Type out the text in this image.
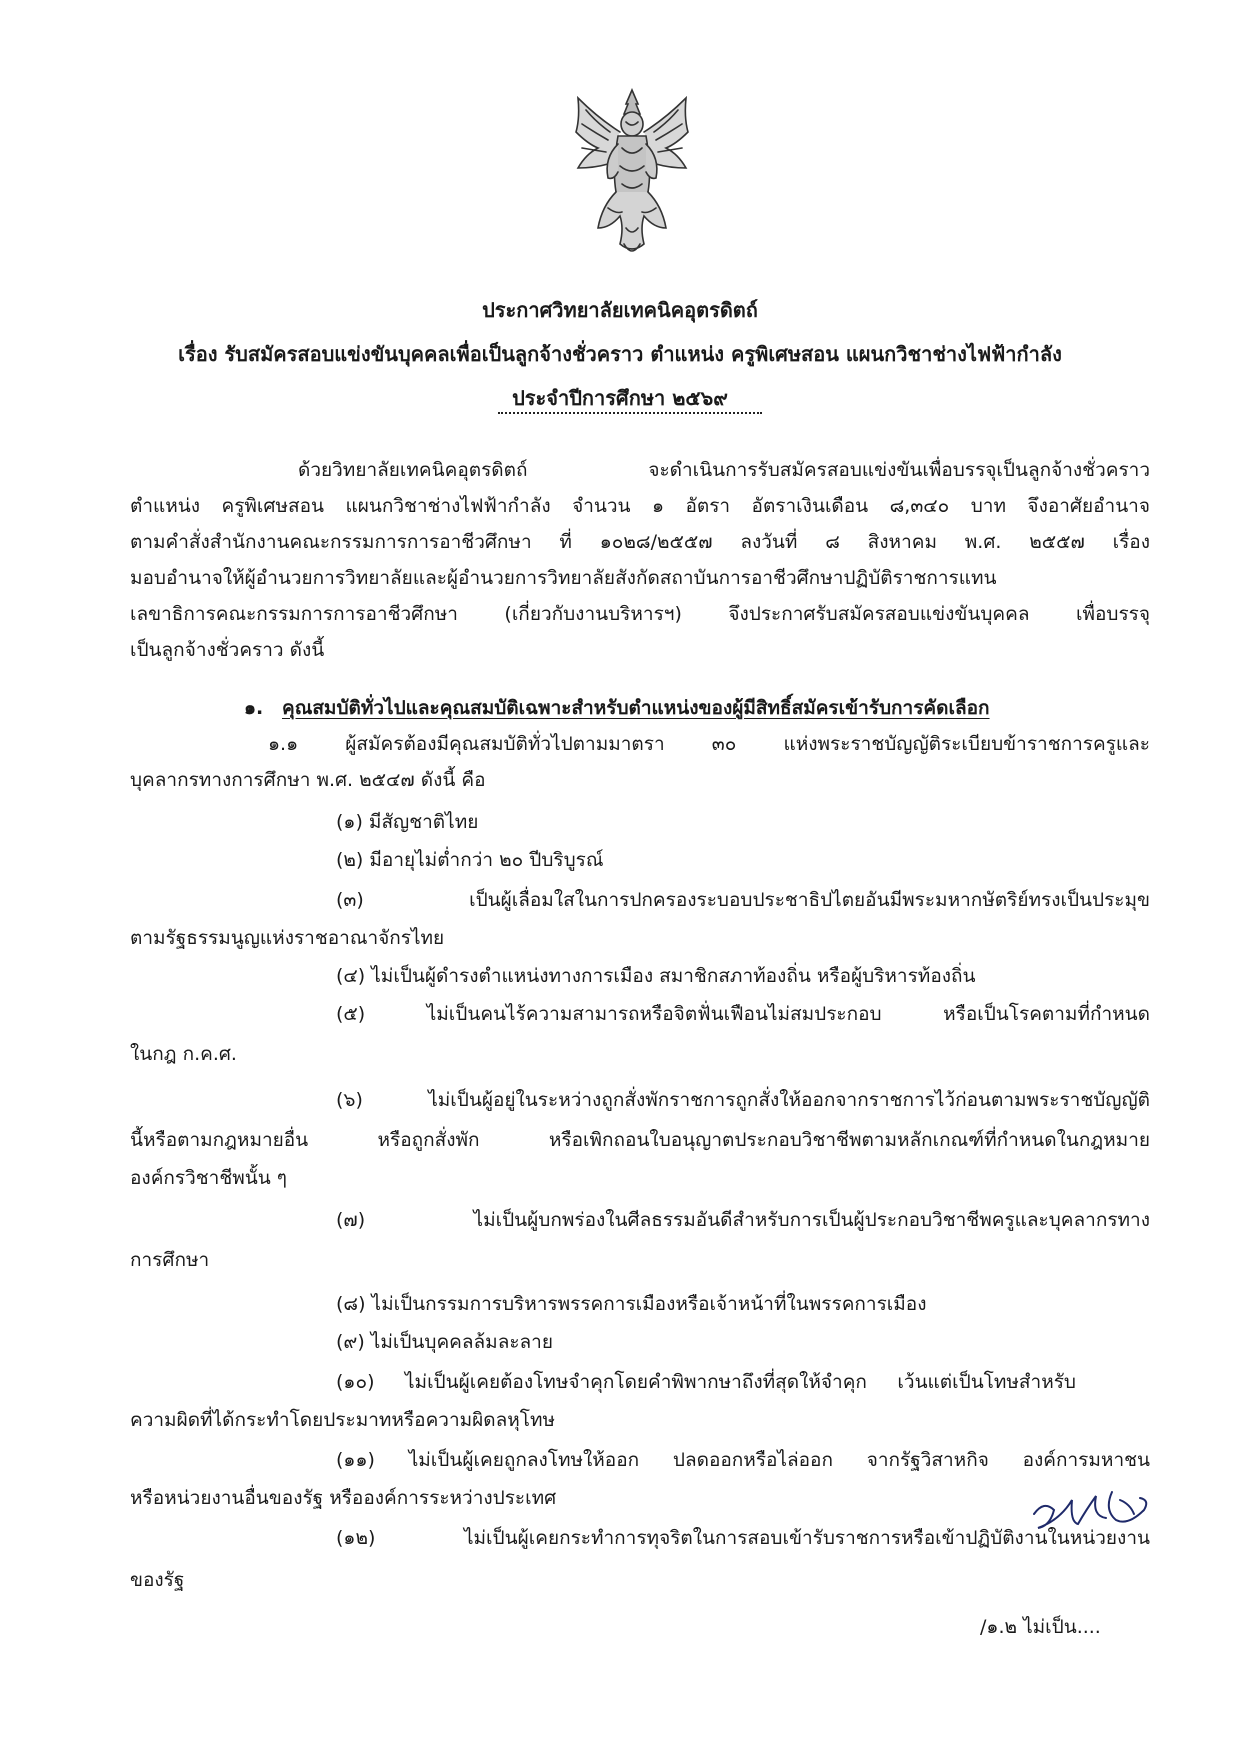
ประกาศวิทยาลัยเทคนิคอุตรดิตถ์
เรื่อง รับสมัครสอบแข่งขันบุคคลเพื่อเป็นลูกจ้างชั่วคราว ตำแหน่ง ครูพิเศษสอน แผนกวิชาช่างไฟฟ้ากำลัง
ประจำปีการศึกษา ๒๕๖๙
ด้วยวิทยาลัยเทคนิคอุตรดิตถ์ จะดำเนินการรับสมัครสอบแข่งขันเพื่อบรรจุเป็นลูกจ้างชั่วคราว
ตำแหน่ง ครูพิเศษสอน แผนกวิชาช่างไฟฟ้ากำลัง จำนวน ๑ อัตรา อัตราเงินเดือน ๘,๓๔๐ บาท จึงอาศัยอำนาจ
ตามคำสั่งสำนักงานคณะกรรมการการอาชีวศึกษา ที่ ๑๐๒๘/๒๕๕๗ ลงวันที่ ๘ สิงหาคม พ.ศ. ๒๕๕๗ เรื่อง
มอบอำนาจให้ผู้อำนวยการวิทยาลัยและผู้อำนวยการวิทยาลัยสังกัดสถาบันการอาชีวศึกษาปฏิบัติราชการแทน
เลขาธิการคณะกรรมการการอาชีวศึกษา (เกี่ยวกับงานบริหารฯ) จึงประกาศรับสมัครสอบแข่งขันบุคคล เพื่อบรรจุ
เป็นลูกจ้างชั่วคราว ดังนี้
๑. คุณสมบัติทั่วไปและคุณสมบัติเฉพาะสำหรับตำแหน่งของผู้มีสิทธิ์สมัครเข้ารับการคัดเลือก
๑.๑ ผู้สมัครต้องมีคุณสมบัติทั่วไปตามมาตรา ๓๐ แห่งพระราชบัญญัติระเบียบข้าราชการครูและ
บุคลากรทางการศึกษา พ.ศ. ๒๕๔๗ ดังนี้ คือ
(๑) มีสัญชาติไทย
(๒) มีอายุไม่ต่ำกว่า ๒๐ ปีบริบูรณ์
(๓) เป็นผู้เลื่อมใสในการปกครองระบอบประชาธิปไตยอันมีพระมหากษัตริย์ทรงเป็นประมุข
ตามรัฐธรรมนูญแห่งราชอาณาจักรไทย
(๔) ไม่เป็นผู้ดำรงตำแหน่งทางการเมือง สมาชิกสภาท้องถิ่น หรือผู้บริหารท้องถิ่น
(๕) ไม่เป็นคนไร้ความสามารถหรือจิตฟั่นเฟือนไม่สมประกอบ หรือเป็นโรคตามที่กำหนด
ในกฎ ก.ค.ศ.
(๖) ไม่เป็นผู้อยู่ในระหว่างถูกสั่งพักราชการถูกสั่งให้ออกจากราชการไว้ก่อนตามพระราชบัญญัติ
นี้หรือตามกฎหมายอื่น หรือถูกสั่งพัก หรือเพิกถอนใบอนุญาตประกอบวิชาชีพตามหลักเกณฑ์ที่กำหนดในกฎหมาย
องค์กรวิชาชีพนั้น ๆ
(๗) ไม่เป็นผู้บกพร่องในศีลธรรมอันดีสำหรับการเป็นผู้ประกอบวิชาชีพครูและบุคลากรทาง
การศึกษา
(๘) ไม่เป็นกรรมการบริหารพรรคการเมืองหรือเจ้าหน้าที่ในพรรคการเมือง
(๙) ไม่เป็นบุคคลล้มละลาย
(๑๐) ไม่เป็นผู้เคยต้องโทษจำคุกโดยคำพิพากษาถึงที่สุดให้จำคุก เว้นแต่เป็นโทษสำหรับ
ความผิดที่ได้กระทำโดยประมาทหรือความผิดลหุโทษ
(๑๑) ไม่เป็นผู้เคยถูกลงโทษให้ออก ปลดออกหรือไล่ออก จากรัฐวิสาหกิจ องค์การมหาชน
หรือหน่วยงานอื่นของรัฐ หรือองค์การระหว่างประเทศ
(๑๒) ไม่เป็นผู้เคยกระทำการทุจริตในการสอบเข้ารับราชการหรือเข้าปฏิบัติงานในหน่วยงาน
ของรัฐ
/๑.๒ ไม่เป็น....
